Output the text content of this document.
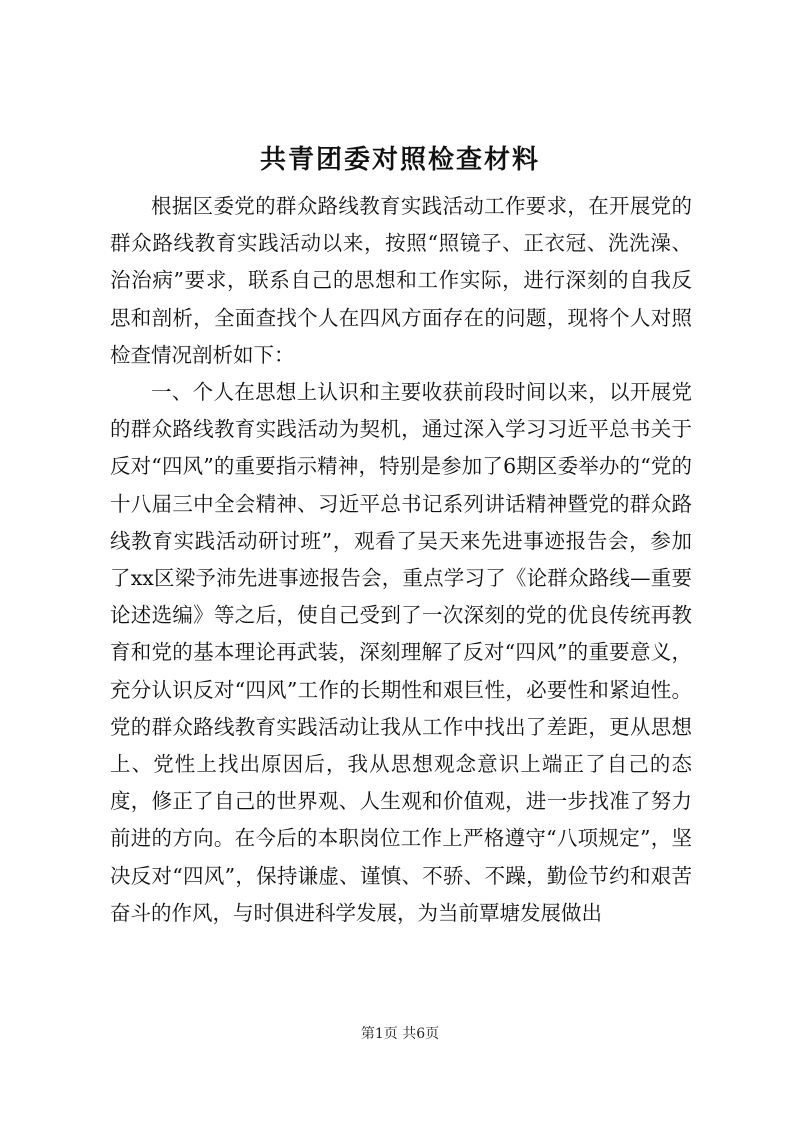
共青团委对照检查材料

根据区委党的群众路线教育实践活动工作要求，在开展党的群众路线教育实践活动以来，按照“照镜子、正衣冠、洗洗澡、治治病”要求，联系自己的思想和工作实际，进行深刻的自我反思和剖析，全面查找个人在四风方面存在的问题，现将个人对照检查情况剖析如下：

一、个人在思想上认识和主要收获前段时间以来，以开展党的群众路线教育实践活动为契机，通过深入学习习近平总书关于反对“四风”的重要指示精神，特别是参加了6期区委举办的“党的十八届三中全会精神、习近平总书记系列讲话精神暨党的群众路线教育实践活动研讨班”，观看了吴天来先进事迹报告会，参加了xx区梁予沛先进事迹报告会，重点学习了《论群众路线—重要论述选编》等之后，使自己受到了一次深刻的党的优良传统再教育和党的基本理论再武装，深刻理解了反对“四风”的重要意义，充分认识反对“四风”工作的长期性和艰巨性，必要性和紧迫性。党的群众路线教育实践活动让我从工作中找出了差距，更从思想上、党性上找出原因后，我从思想观念意识上端正了自己的态度，修正了自己的世界观、人生观和价值观，进一步找准了努力前进的方向。在今后的本职岗位工作上严格遵守“八项规定”，坚决反对“四风”，保持谦虚、谨慎、不骄、不躁，勤俭节约和艰苦奋斗的作风，与时俱进科学发展，为当前覃塘发展做出

第1页 共6页
